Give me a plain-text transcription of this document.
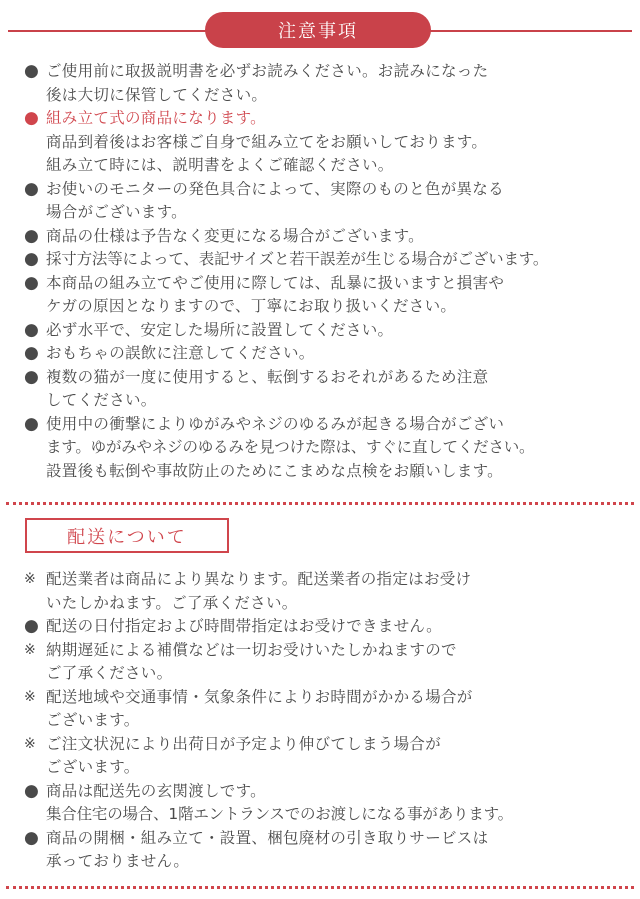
注意事項
● ご使用前に取扱説明書を必ずお読みください。お読みになった
後は大切に保管してください。
● 組み立て式の商品になります。
商品到着後はお客様ご自身で組み立てをお願いしております。
組み立て時には、説明書をよくご確認ください。
● お使いのモニターの発色具合によって、実際のものと色が異なる
場合がございます。
● 商品の仕様は予告なく変更になる場合がございます。
● 採寸方法等によって、表記サイズと若干誤差が生じる場合がございます。
● 本商品の組み立てやご使用に際しては、乱暴に扱いますと損害や
ケガの原因となりますので、丁寧にお取り扱いください。
● 必ず水平で、安定した場所に設置してください。
● おもちゃの誤飲に注意してください。
● 複数の猫が一度に使用すると、転倒するおそれがあるため注意
してください。
● 使用中の衝撃によりゆがみやネジのゆるみが起きる場合がござい
ます。ゆがみやネジのゆるみを見つけた際は、すぐに直してください。
設置後も転倒や事故防止のためにこまめな点検をお願いします。
配送について
※ 配送業者は商品により異なります。配送業者の指定はお受け
いたしかねます。ご了承ください。
● 配送の日付指定および時間帯指定はお受けできません。
※ 納期遅延による補償などは一切お受けいたしかねますので
ご了承ください。
※ 配送地域や交通事情・気象条件によりお時間がかかる場合が
ございます。
※ ご注文状況により出荷日が予定より伸びてしまう場合が
ございます。
● 商品は配送先の玄関渡しです。
集合住宅の場合、1階エントランスでのお渡しになる事があります。
● 商品の開梱・組み立て・設置、梱包廃材の引き取りサービスは
承っておりません。
